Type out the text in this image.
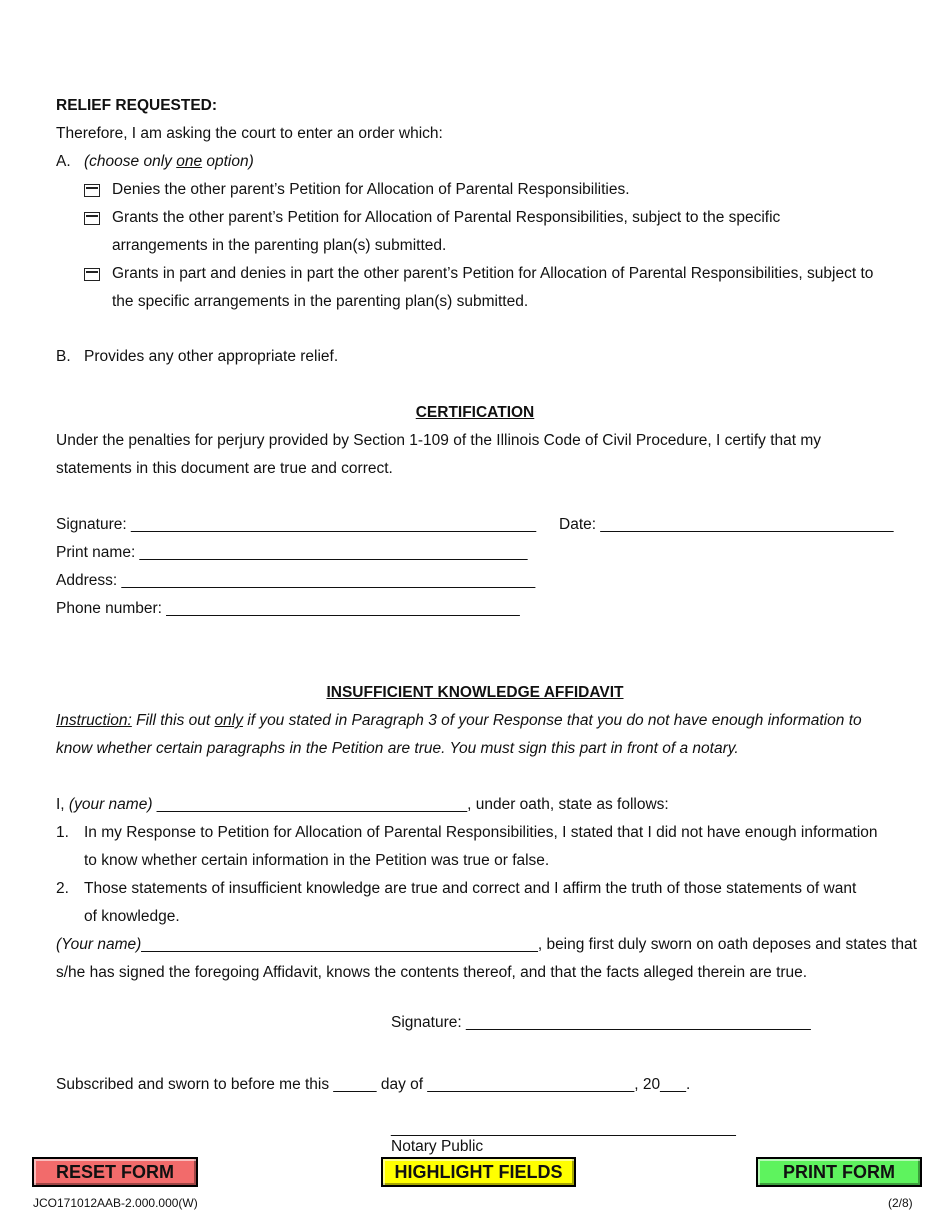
RELIEF REQUESTED:
Therefore, I am asking the court to enter an order which:
A. (choose only one option)
Denies the other parent’s Petition for Allocation of Parental Responsibilities.
Grants the other parent’s Petition for Allocation of Parental Responsibilities, subject to the specific
arrangements in the parenting plan(s) submitted.
Grants in part and denies in part the other parent’s Petition for Allocation of Parental Responsibilities, subject to
the specific arrangements in the parenting plan(s) submitted.
B. Provides any other appropriate relief.
CERTIFICATION
Under the penalties for perjury provided by Section 1-109 of the Illinois Code of Civil Procedure, I certify that my
statements in this document are true and correct.
Signature: _______________________________________________ Date: __________________________________
Print name: _____________________________________________
Address: ________________________________________________
Phone number: _________________________________________
INSUFFICIENT KNOWLEDGE AFFIDAVIT
Instruction: Fill this out only if you stated in Paragraph 3 of your Response that you do not have enough information to
know whether certain paragraphs in the Petition are true. You must sign this part in front of a notary.
I, (your name) ____________________________________, under oath, state as follows:
1. In my Response to Petition for Allocation of Parental Responsibilities, I stated that I did not have enough information
to know whether certain information in the Petition was true or false.
2. Those statements of insufficient knowledge are true and correct and I affirm the truth of those statements of want
of knowledge.
(Your name)______________________________________________, being first duly sworn on oath deposes and states that
s/he has signed the foregoing Affidavit, knows the contents thereof, and that the facts alleged therein are true.
Signature: ________________________________________
Subscribed and sworn to before me this _____ day of ________________________, 20___.
________________________________________
Notary Public
RESET FORM	HIGHLIGHT FIELDS	PRINT FORM
JCO171012AAB-2.000.000(W)	(2/8)
